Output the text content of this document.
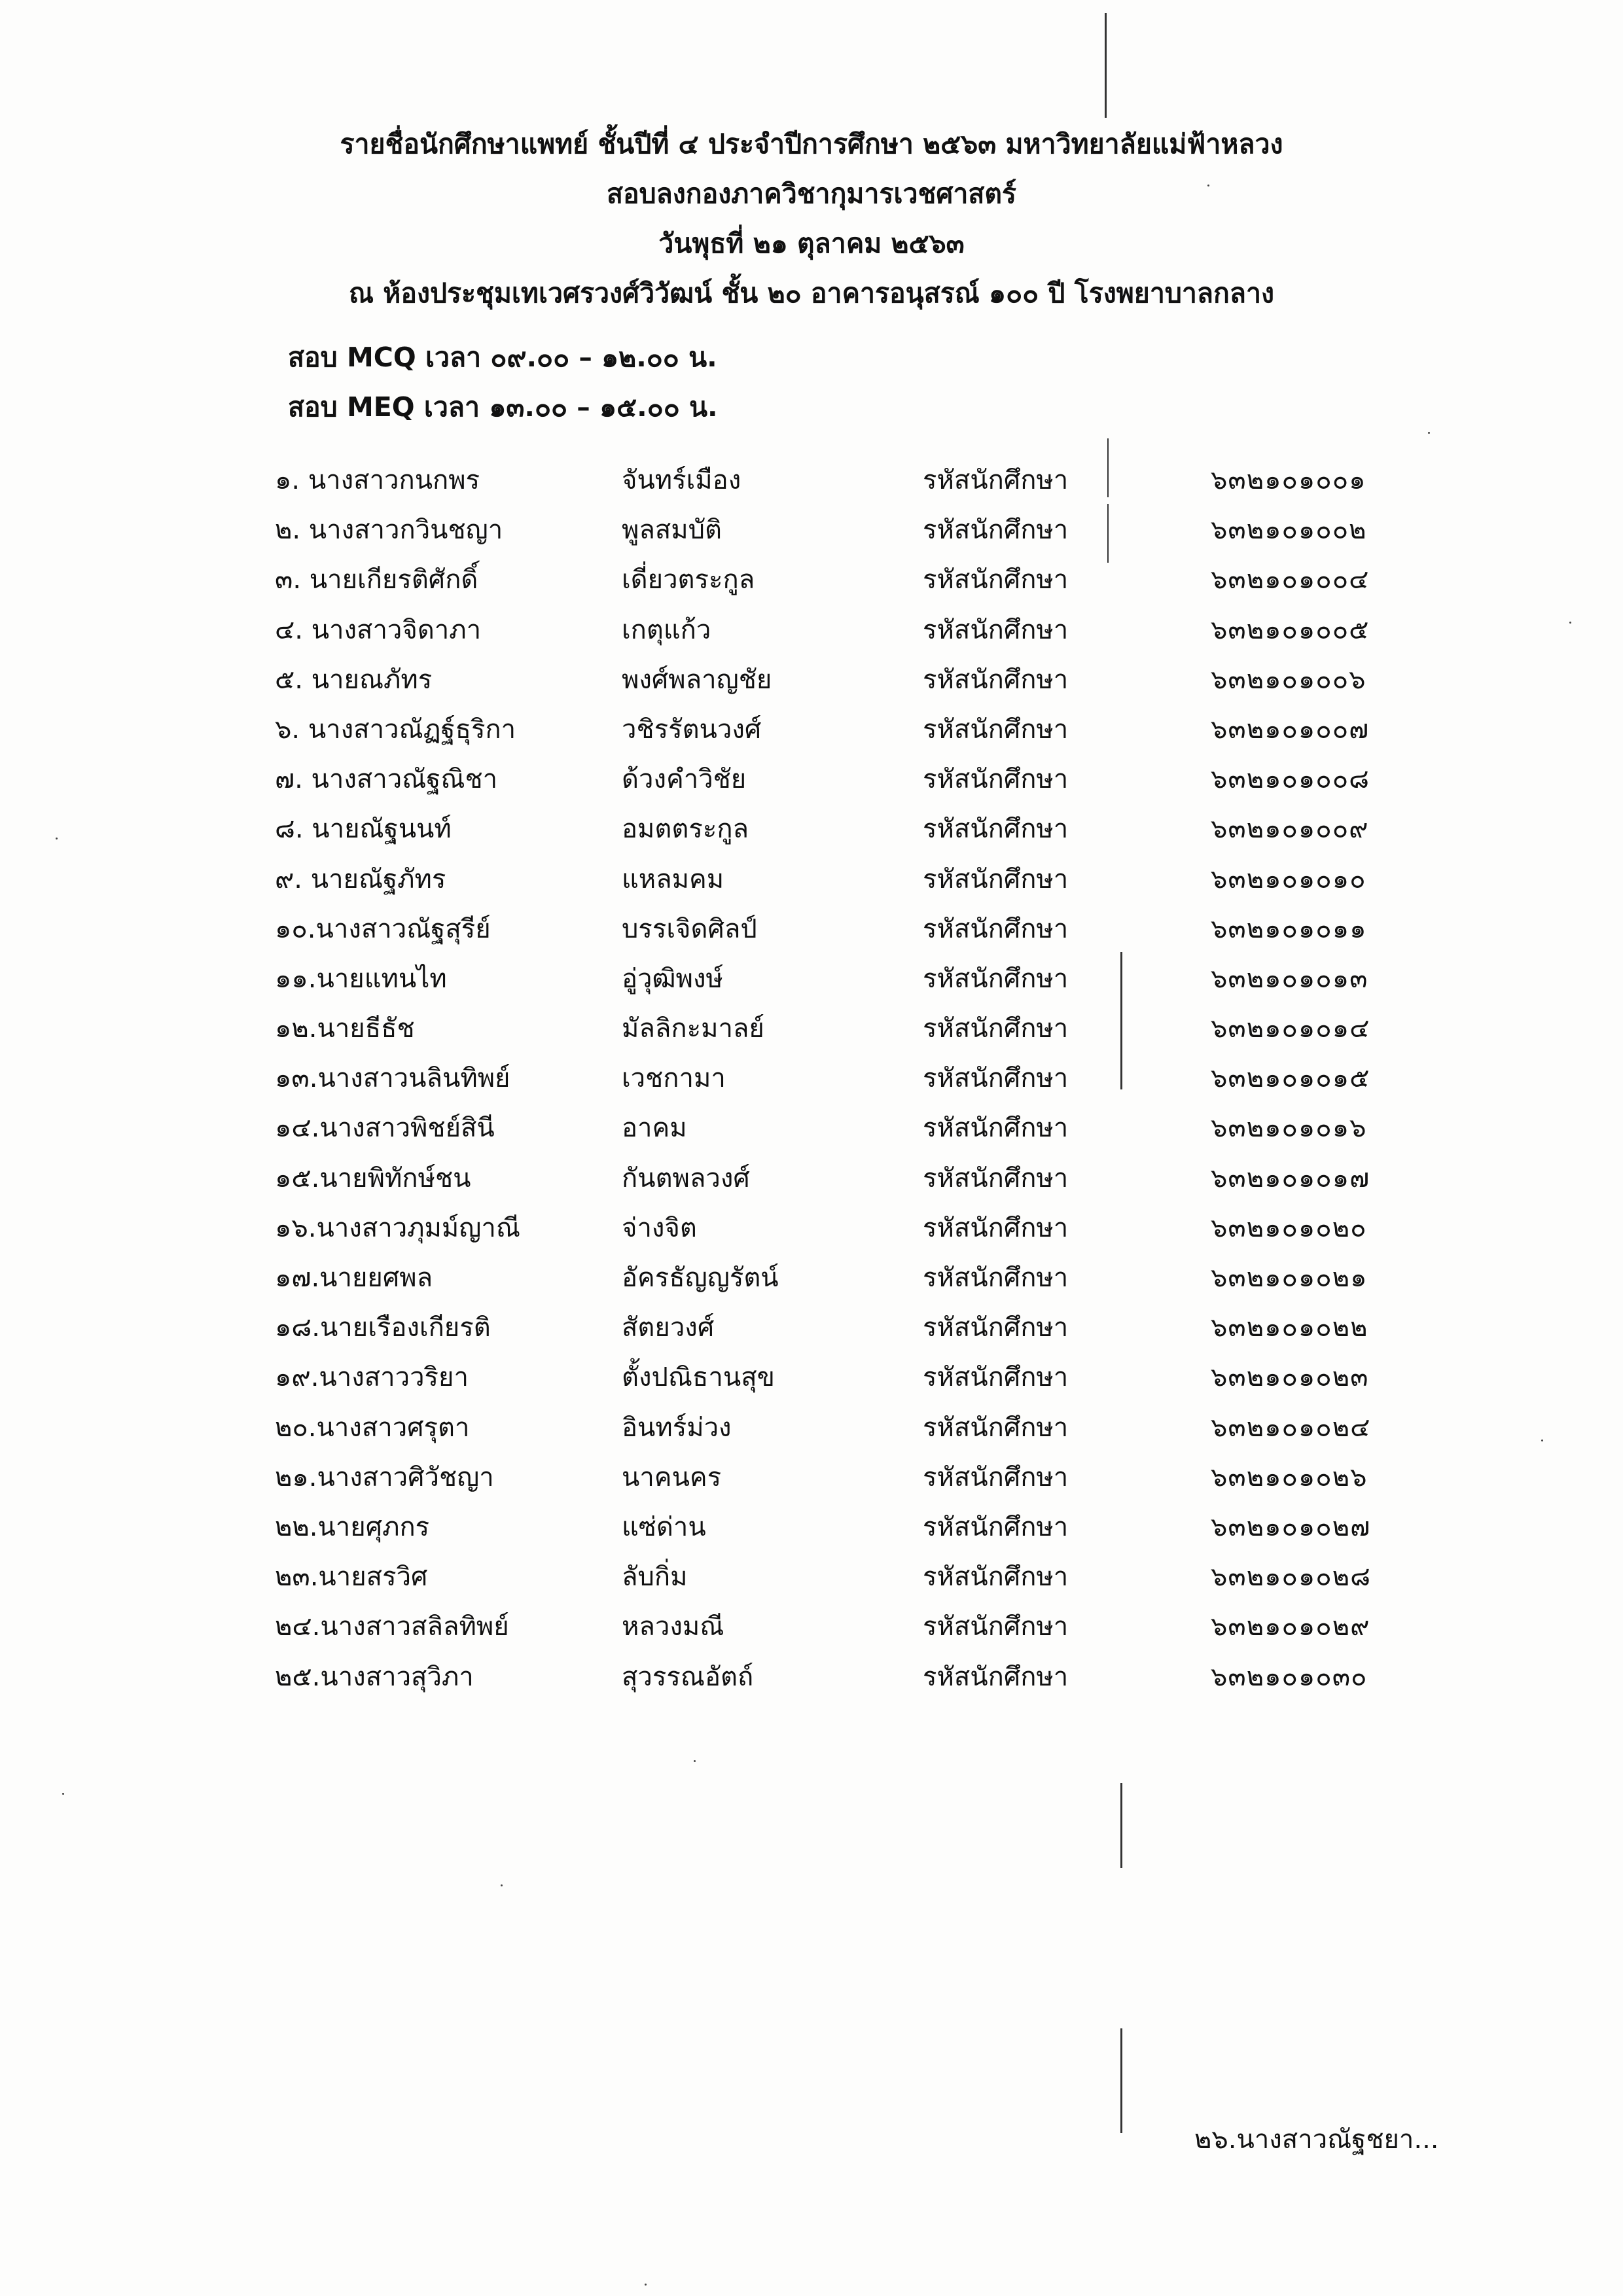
รายชื่อนักศึกษาแพทย์ ชั้นปีที่ ๔ ประจำปีการศึกษา ๒๕๖๓ มหาวิทยาลัยแม่ฟ้าหลวง
สอบลงกองภาควิชากุมารเวชศาสตร์
วันพุธที่ ๒๑ ตุลาคม ๒๕๖๓
ณ ห้องประชุมเทเวศรวงศ์วิวัฒน์ ชั้น ๒๐ อาคารอนุสรณ์ ๑๐๐ ปี โรงพยาบาลกลาง
สอบ MCQ เวลา ๐๙.๐๐ – ๑๒.๐๐ น.
สอบ MEQ เวลา ๑๓.๐๐ – ๑๕.๐๐ น.
๑. นางสาวกนกพร	จันทร์เมือง	รหัสนักศึกษา	๖๓๒๑๐๑๐๐๑
๒. นางสาวกวินชญา	พูลสมบัติ	รหัสนักศึกษา	๖๓๒๑๐๑๐๐๒
๓. นายเกียรติศักดิ์	เดี่ยวตระกูล	รหัสนักศึกษา	๖๓๒๑๐๑๐๐๔
๔. นางสาวจิดาภา	เกตุแก้ว	รหัสนักศึกษา	๖๓๒๑๐๑๐๐๕
๕. นายณภัทร	พงศ์พลาญชัย	รหัสนักศึกษา	๖๓๒๑๐๑๐๐๖
๖. นางสาวณัฏฐ์ธุริกา	วชิรรัตนวงศ์	รหัสนักศึกษา	๖๓๒๑๐๑๐๐๗
๗. นางสาวณัฐณิชา	ด้วงคำวิชัย	รหัสนักศึกษา	๖๓๒๑๐๑๐๐๘
๘. นายณัฐนนท์	อมตตระกูล	รหัสนักศึกษา	๖๓๒๑๐๑๐๐๙
๙. นายณัฐภัทร	แหลมคม	รหัสนักศึกษา	๖๓๒๑๐๑๐๑๐
๑๐.นางสาวณัฐสุรีย์	บรรเจิดศิลป์	รหัสนักศึกษา	๖๓๒๑๐๑๐๑๑
๑๑.นายแทนไท	อู่วุฒิพงษ์	รหัสนักศึกษา	๖๓๒๑๐๑๐๑๓
๑๒.นายธีธัช	มัลลิกะมาลย์	รหัสนักศึกษา	๖๓๒๑๐๑๐๑๔
๑๓.นางสาวนลินทิพย์	เวชกามา	รหัสนักศึกษา	๖๓๒๑๐๑๐๑๕
๑๔.นางสาวพิชย์สินี	อาคม	รหัสนักศึกษา	๖๓๒๑๐๑๐๑๖
๑๕.นายพิทักษ์ชน	กันตพลวงศ์	รหัสนักศึกษา	๖๓๒๑๐๑๐๑๗
๑๖.นางสาวภุมม์ญาณี	จ่างจิต	รหัสนักศึกษา	๖๓๒๑๐๑๐๒๐
๑๗.นายยศพล	อัครธัญญรัตน์	รหัสนักศึกษา	๖๓๒๑๐๑๐๒๑
๑๘.นายเรืองเกียรติ	สัตยวงศ์	รหัสนักศึกษา	๖๓๒๑๐๑๐๒๒
๑๙.นางสาววริยา	ตั้งปณิธานสุข	รหัสนักศึกษา	๖๓๒๑๐๑๐๒๓
๒๐.นางสาวศรุตา	อินทร์ม่วง	รหัสนักศึกษา	๖๓๒๑๐๑๐๒๔
๒๑.นางสาวศิวัชญา	นาคนคร	รหัสนักศึกษา	๖๓๒๑๐๑๐๒๖
๒๒.นายศุภกร	แซ่ด่าน	รหัสนักศึกษา	๖๓๒๑๐๑๐๒๗
๒๓.นายสรวิศ	ลับกิ่ม	รหัสนักศึกษา	๖๓๒๑๐๑๐๒๘
๒๔.นางสาวสลิลทิพย์	หลวงมณี	รหัสนักศึกษา	๖๓๒๑๐๑๐๒๙
๒๕.นางสาวสุวิภา	สุวรรณอัตถ์	รหัสนักศึกษา	๖๓๒๑๐๑๐๓๐
๒๖.นางสาวณัฐชยา...
